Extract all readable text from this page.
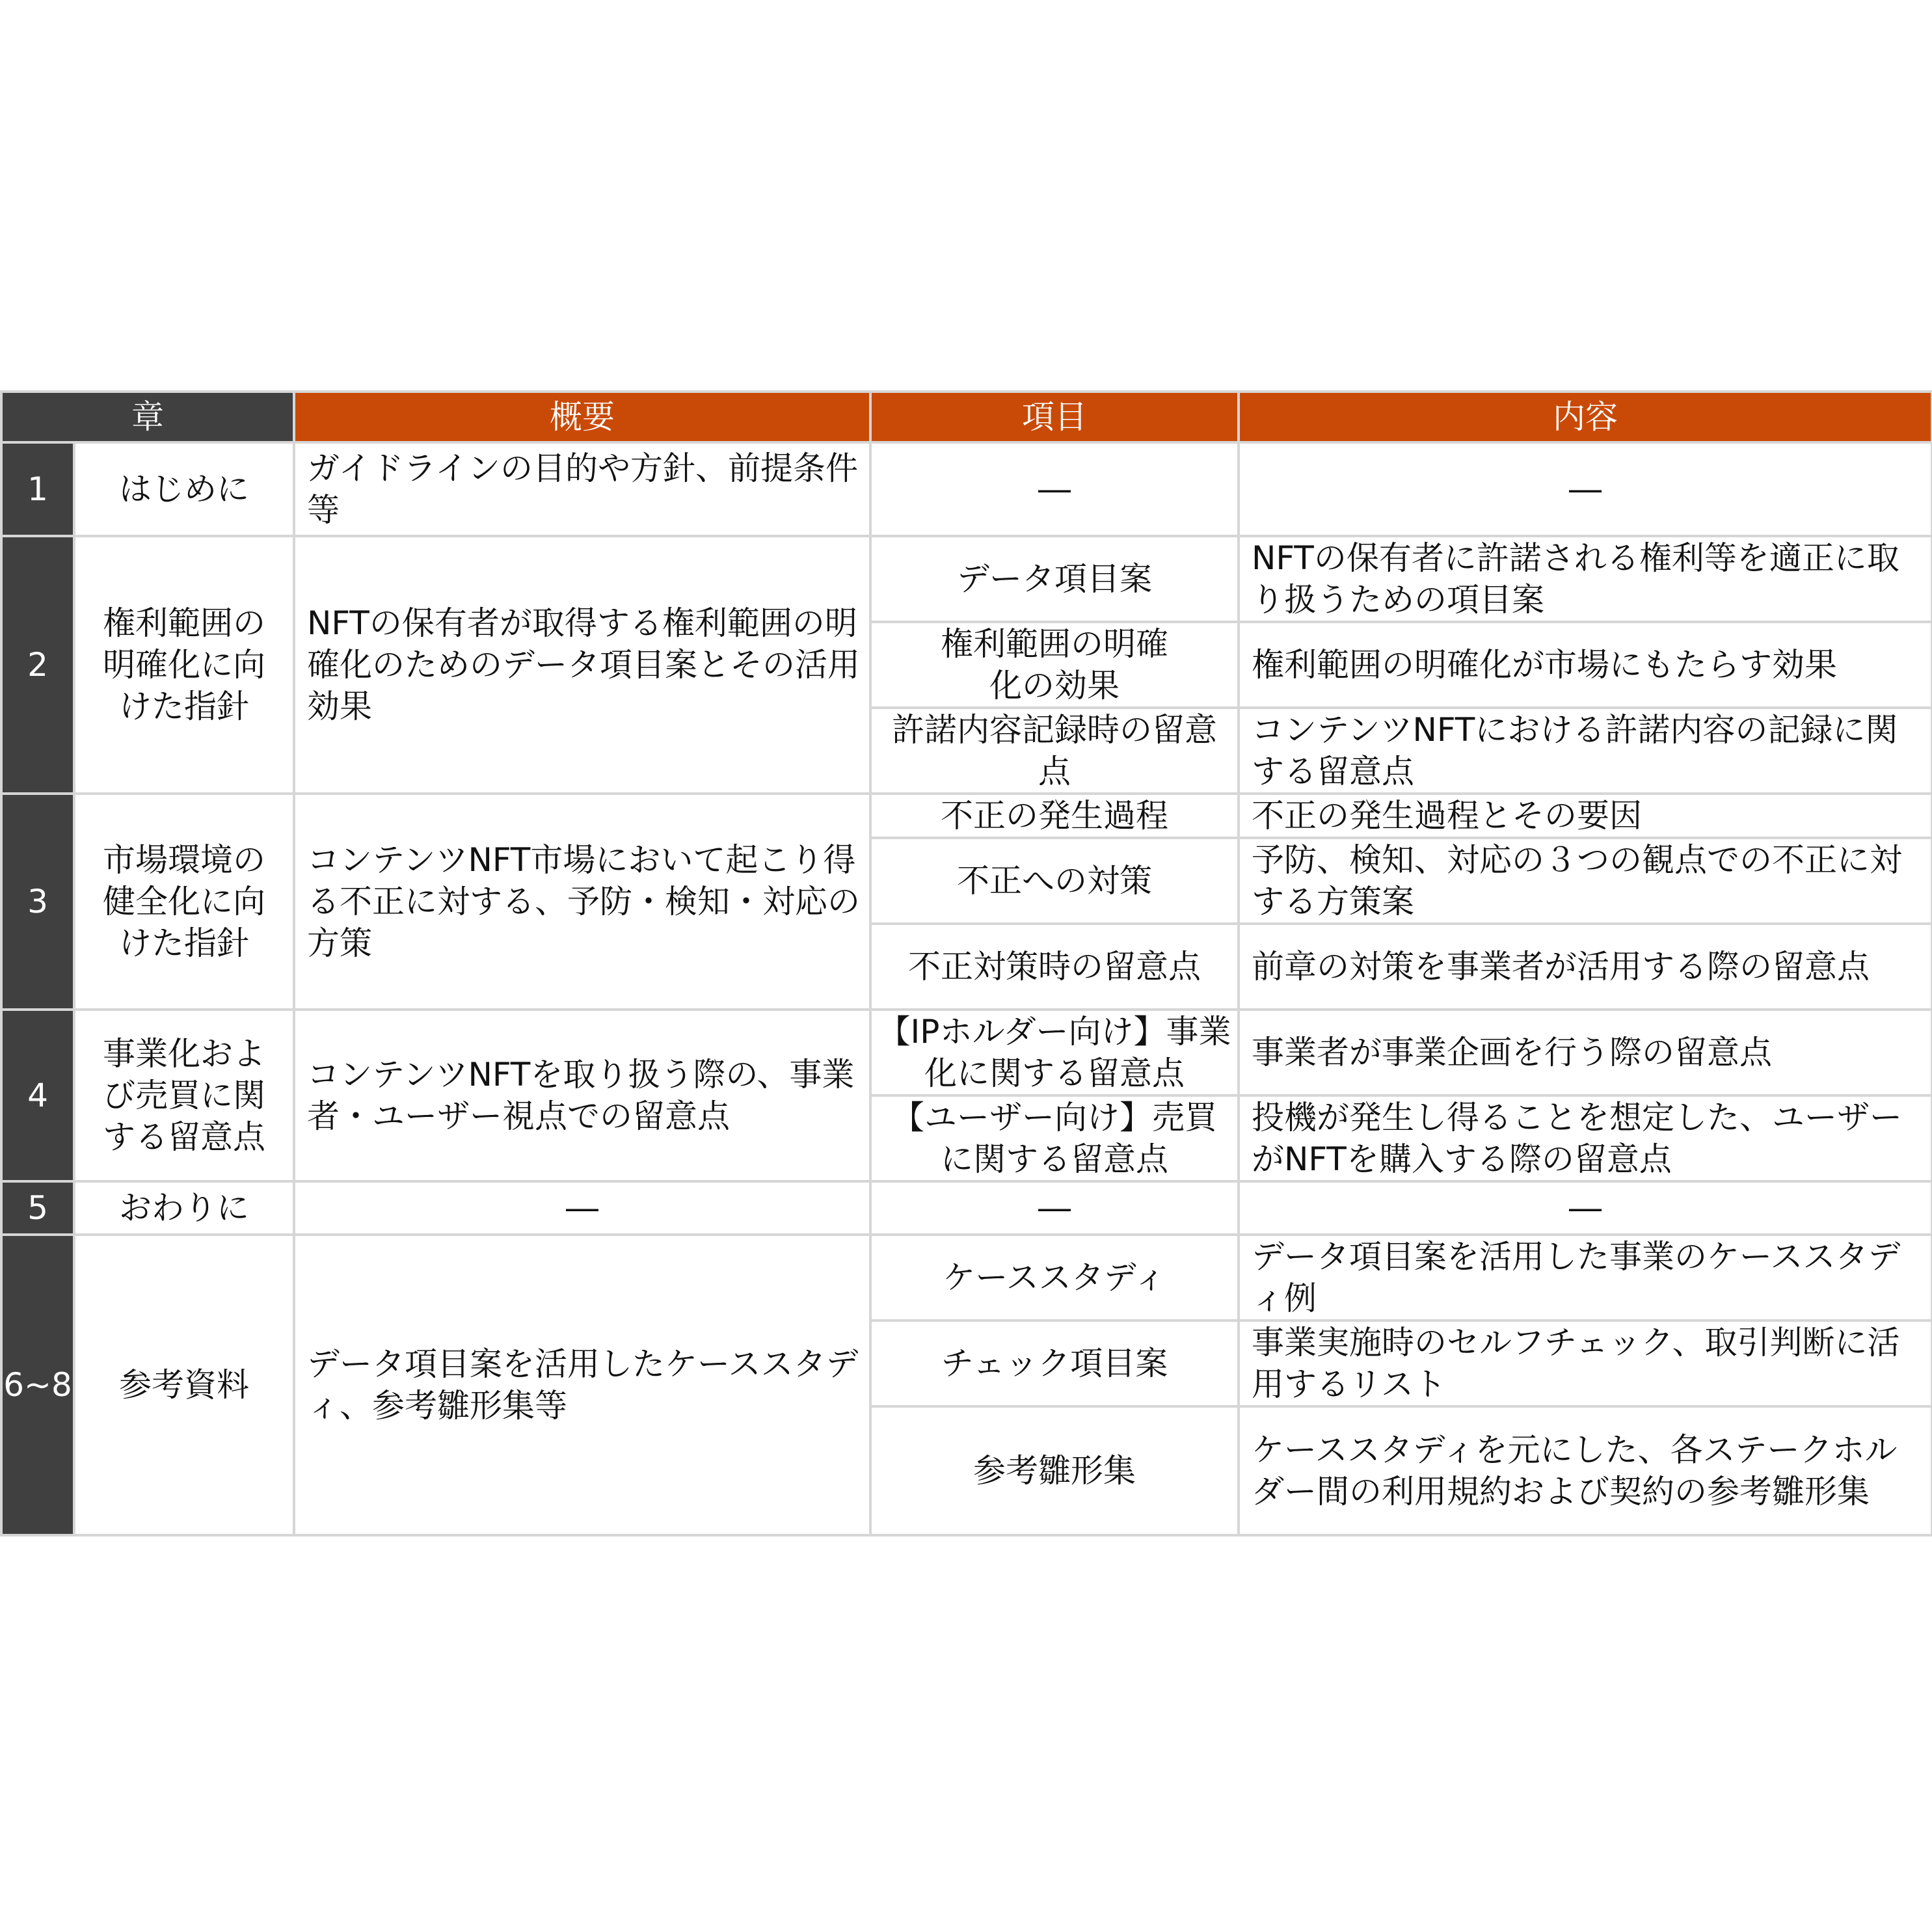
章		概要	項目	内容
1	はじめに	ガイドラインの目的や方針、前提条件等	―	―
2	権利範囲の明確化に向けた指針	NFTの保有者が取得する権利範囲の明確化のためのデータ項目案とその活用効果	データ項目案	NFTの保有者に許諾される権利等を適正に取り扱うための項目案
			権利範囲の明確化の効果	権利範囲の明確化が市場にもたらす効果
			許諾内容記録時の留意点	コンテンツNFTにおける許諾内容の記録に関する留意点
3	市場環境の健全化に向けた指針	コンテンツNFT市場において起こり得る不正に対する、予防・検知・対応の方策	不正の発生過程	不正の発生過程とその要因
			不正への対策	予防、検知、対応の３つの観点での不正に対する方策案
			不正対策時の留意点	前章の対策を事業者が活用する際の留意点
4	事業化および売買に関する留意点	コンテンツNFTを取り扱う際の、事業者・ユーザー視点での留意点	【IPホルダー向け】事業化に関する留意点	事業者が事業企画を行う際の留意点
			【ユーザー向け】売買に関する留意点	投機が発生し得ることを想定した、ユーザーがNFTを購入する際の留意点
5	おわりに	―	―	―
6~8	参考資料	データ項目案を活用したケーススタディ、参考雛形集等	ケーススタディ	データ項目案を活用した事業のケーススタディ例
			チェック項目案	事業実施時のセルフチェック、取引判断に活用するリスト
			参考雛形集	ケーススタディを元にした、各ステークホルダー間の利用規約および契約の参考雛形集
